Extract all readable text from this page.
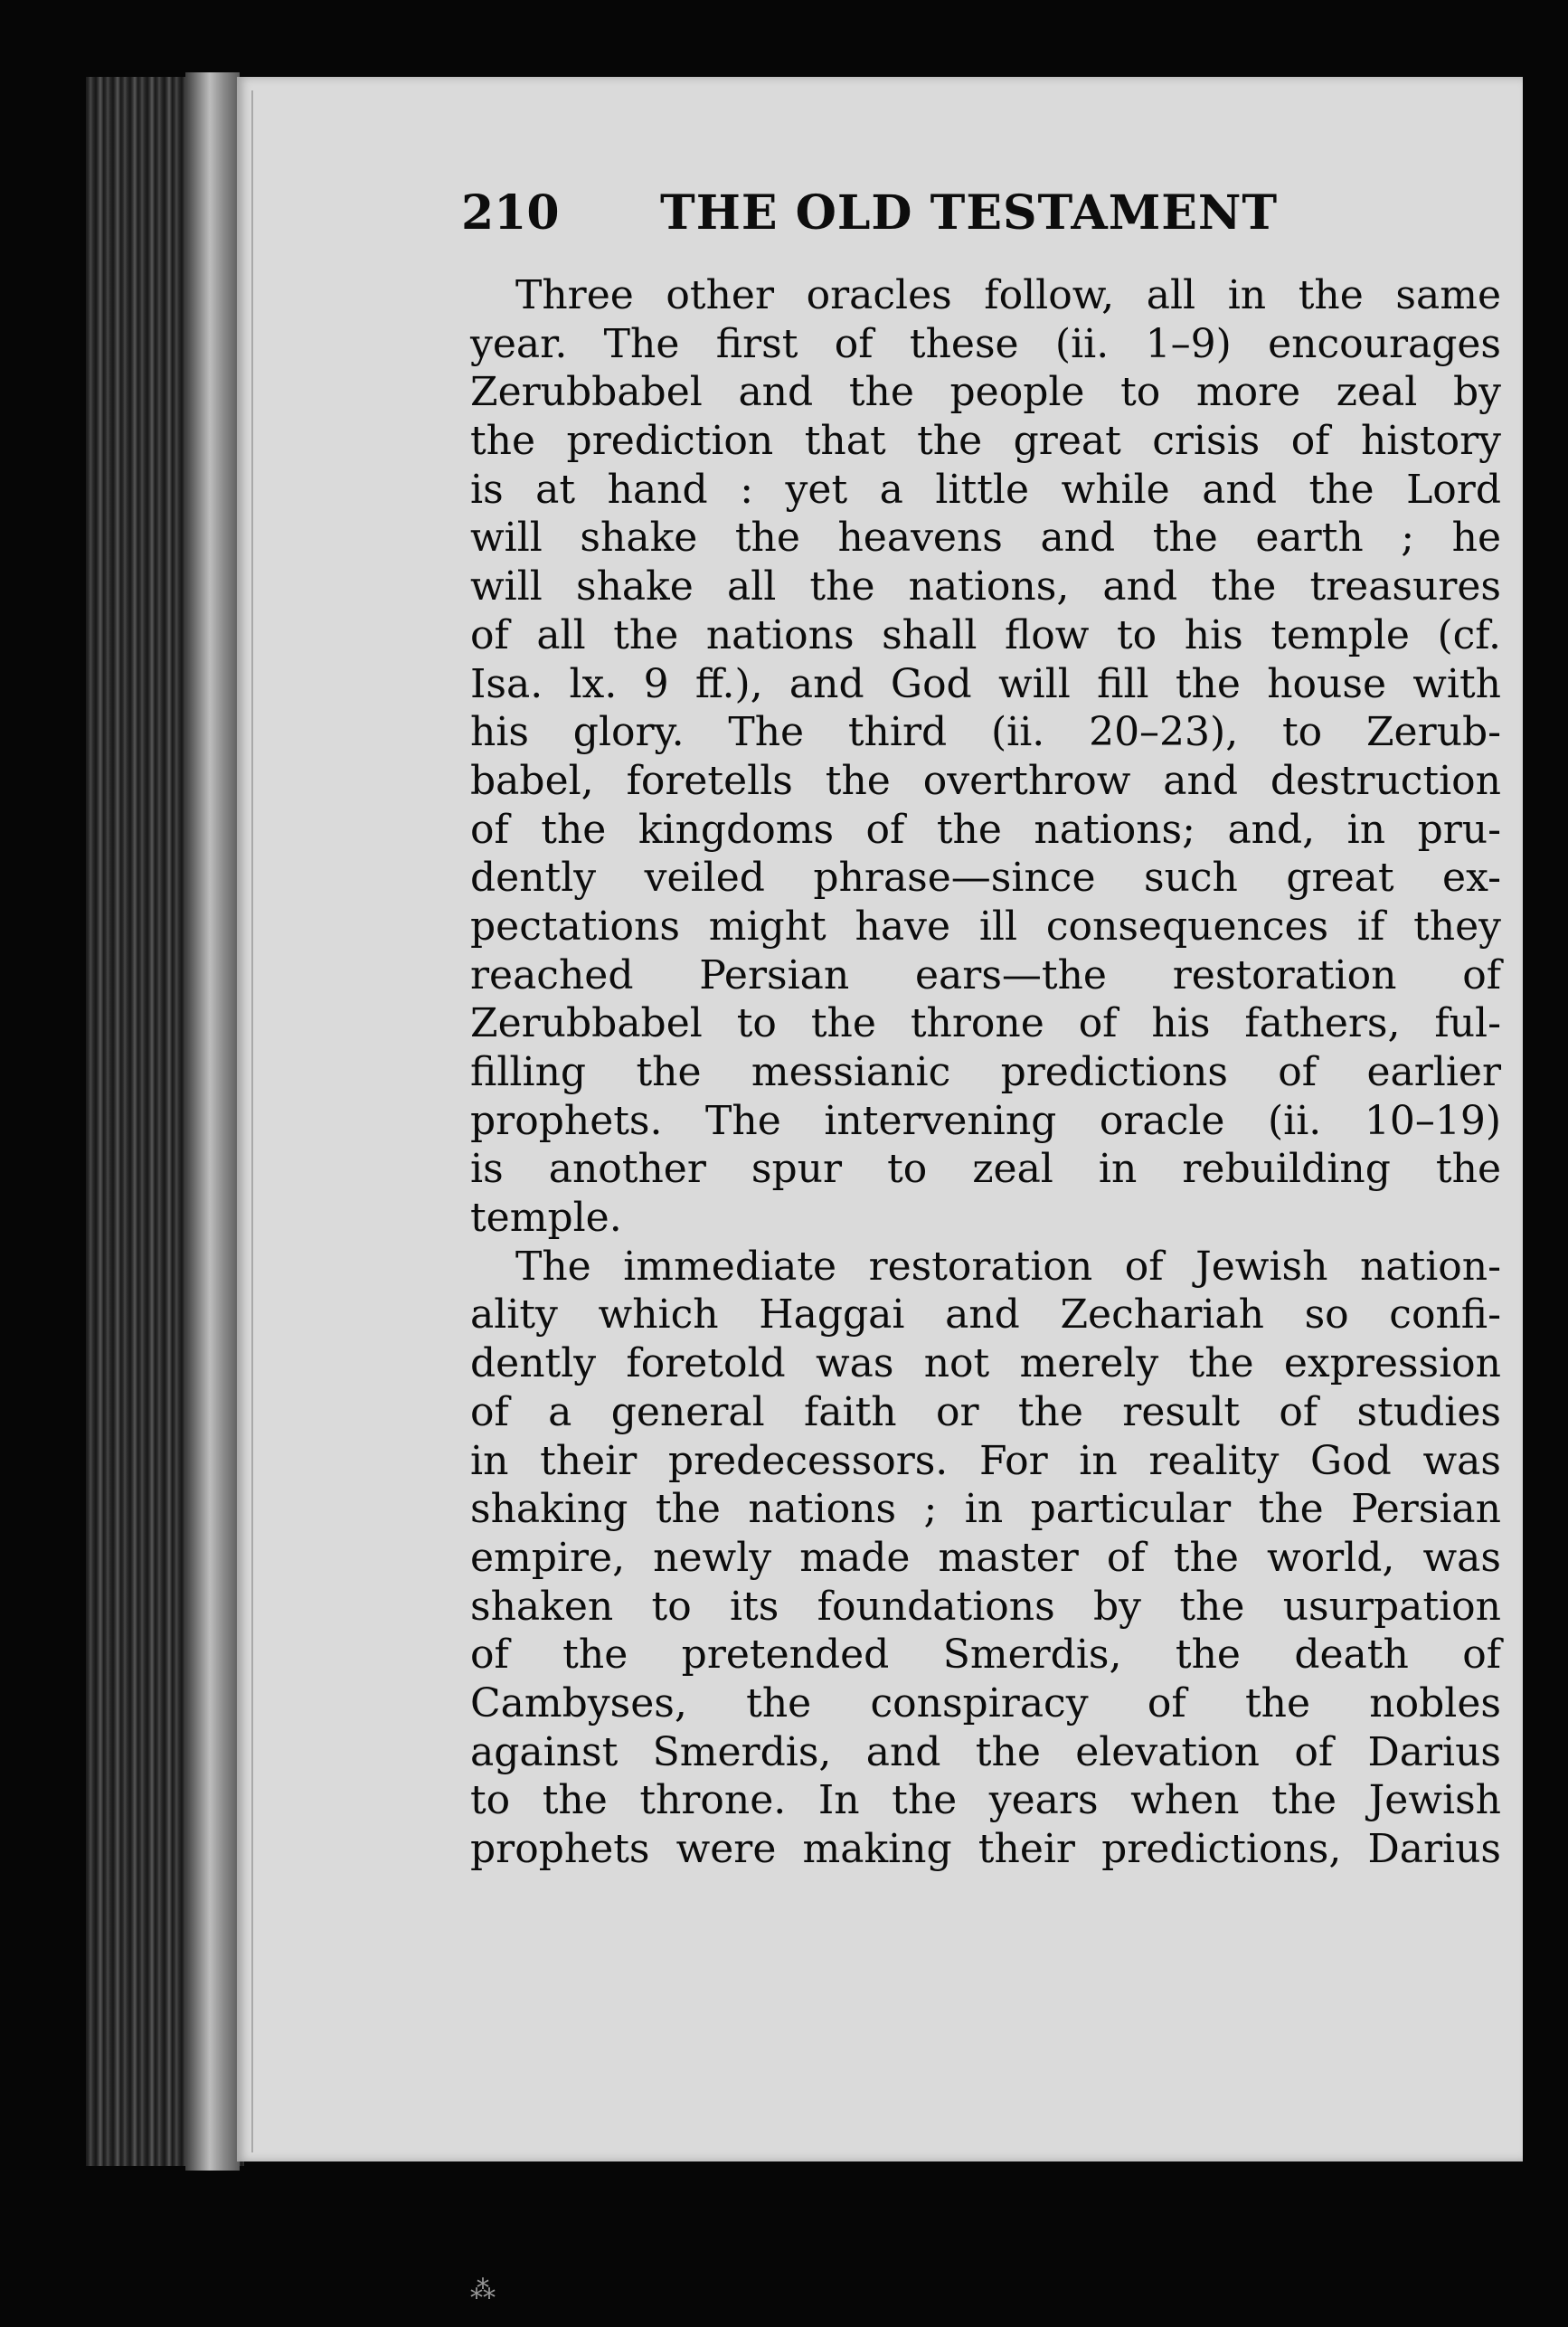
210 THE OLD TESTAMENT
Three other oracles follow, all in the same
year. The first of these (ii. 1–9) encourages
Zerubbabel and the people to more zeal by
the prediction that the great crisis of history
is at hand : yet a little while and the Lord
will shake the heavens and the earth ; he
will shake all the nations, and the treasures
of all the nations shall flow to his temple (cf.
Isa. lx. 9 ff.), and God will fill the house with
his glory. The third (ii. 20–23), to Zerub-
babel, foretells the overthrow and destruction
of the kingdoms of the nations; and, in pru-
dently veiled phrase—since such great ex-
pectations might have ill consequences if they
reached Persian ears—the restoration of
Zerubbabel to the throne of his fathers, ful-
filling the messianic predictions of earlier
prophets. The intervening oracle (ii. 10–19)
is another spur to zeal in rebuilding the
temple.
The immediate restoration of Jewish nation-
ality which Haggai and Zechariah so confi-
dently foretold was not merely the expression
of a general faith or the result of studies
in their predecessors. For in reality God was
shaking the nations ; in particular the Persian
empire, newly made master of the world, was
shaken to its foundations by the usurpation
of the pretended Smerdis, the death of
Cambyses, the conspiracy of the nobles
against Smerdis, and the elevation of Darius
to the throne. In the years when the Jewish
prophets were making their predictions, Darius
⁂
